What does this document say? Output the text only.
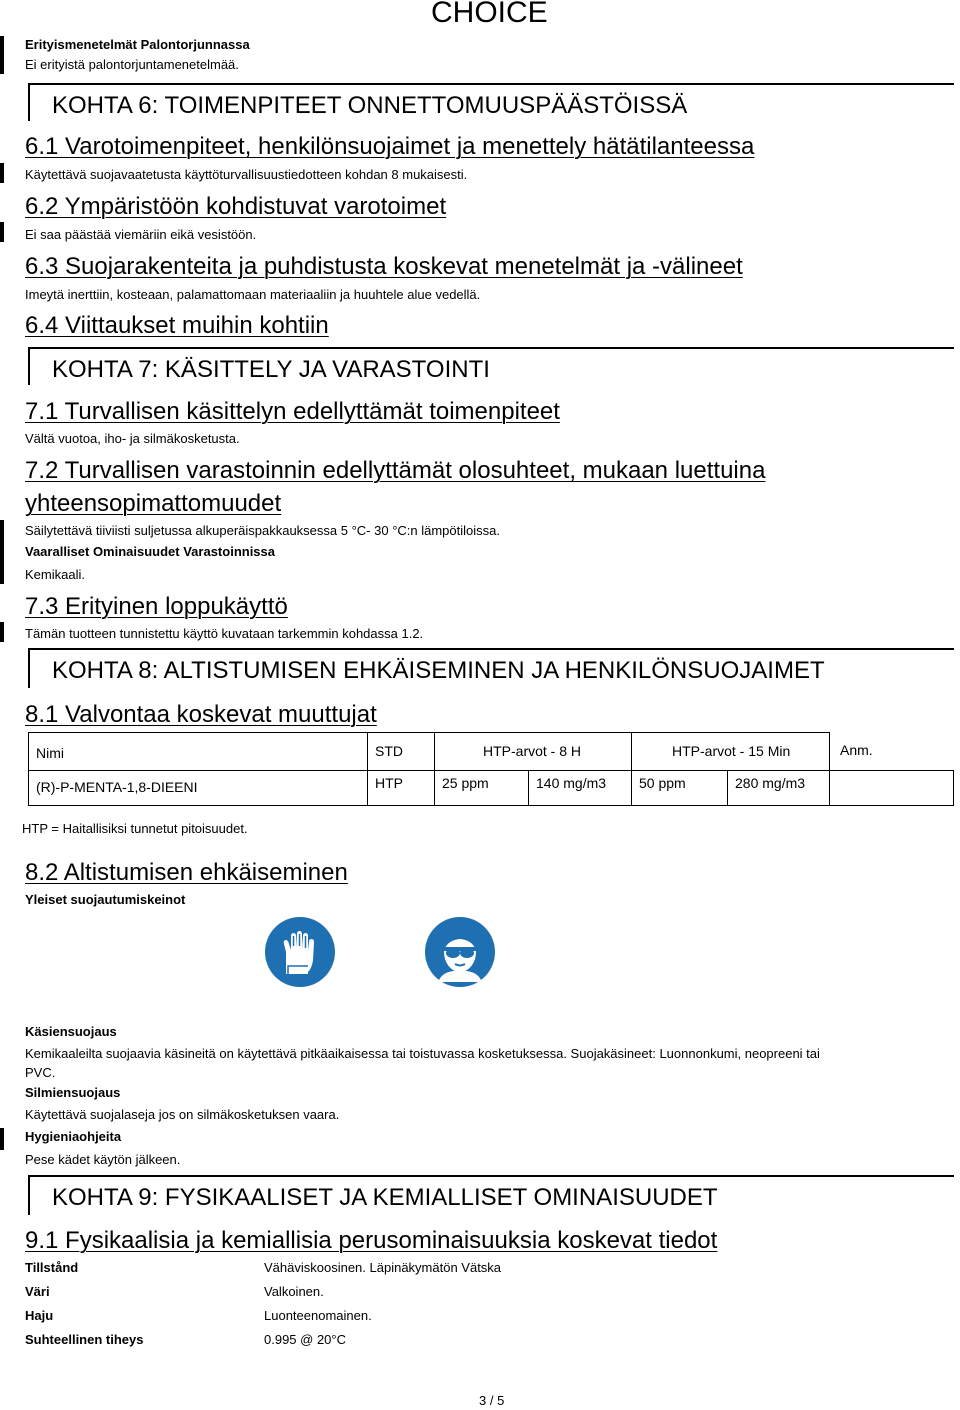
CHOICE
Erityismenetelmät Palontorjunnassa
Ei erityistä palontorjuntamenetelmää.
KOHTA 6: TOIMENPITEET ONNETTOMUUSPÄÄSTÖISSÄ
6.1 Varotoimenpiteet, henkilönsuojaimet ja menettely hätätilanteessa
Käytettävä suojavaatetusta käyttöturvallisuustiedotteen kohdan 8 mukaisesti.
6.2 Ympäristöön kohdistuvat varotoimet
Ei saa päästää viemäriin eikä vesistöön.
6.3 Suojarakenteita ja puhdistusta koskevat menetelmät ja -välineet
Imeytä inerttiin, kosteaan, palamattomaan materiaaliin ja huuhtele alue vedellä.
6.4 Viittaukset muihin kohtiin
KOHTA 7: KÄSITTELY JA VARASTOINTI
7.1 Turvallisen käsittelyn edellyttämät toimenpiteet
Vältä vuotoa, iho- ja silmäkosketusta.
7.2 Turvallisen varastoinnin edellyttämät olosuhteet, mukaan luettuina
yhteensopimattomuudet
Säilytettävä tiiviisti suljetussa alkuperäispakkauksessa 5 °C- 30 °C:n lämpötiloissa.
Vaaralliset Ominaisuudet Varastoinnissa
Kemikaali.
7.3 Erityinen loppukäyttö
Tämän tuotteen tunnistettu käyttö kuvataan tarkemmin kohdassa 1.2.
KOHTA 8: ALTISTUMISEN EHKÄISEMINEN JA HENKILÖNSUOJAIMET
8.1 Valvontaa koskevat muuttujat
Nimi	STD	HTP-arvot - 8 H	HTP-arvot - 15 Min	Anm.
(R)-P-MENTA-1,8-DIEENI	HTP	25 ppm	140 mg/m3	50 ppm	280 mg/m3
HTP = Haitallisiksi tunnetut pitoisuudet.
8.2 Altistumisen ehkäiseminen
Yleiset suojautumiskeinot
Käsiensuojaus
Kemikaaleilta suojaavia käsineitä on käytettävä pitkäaikaisessa tai toistuvassa kosketuksessa. Suojakäsineet: Luonnonkumi, neopreeni tai
PVC.
Silmiensuojaus
Käytettävä suojalaseja jos on silmäkosketuksen vaara.
Hygieniaohjeita
Pese kädet käytön jälkeen.
KOHTA 9: FYSIKAALISET JA KEMIALLISET OMINAISUUDET
9.1 Fysikaalisia ja kemiallisia perusominaisuuksia koskevat tiedot
Tillstånd	Vähäviskoosinen. Läpinäkymätön Vätska
Väri	Valkoinen.
Haju	Luonteenomainen.
Suhteellinen tiheys	0.995 @ 20°C
3 / 5
